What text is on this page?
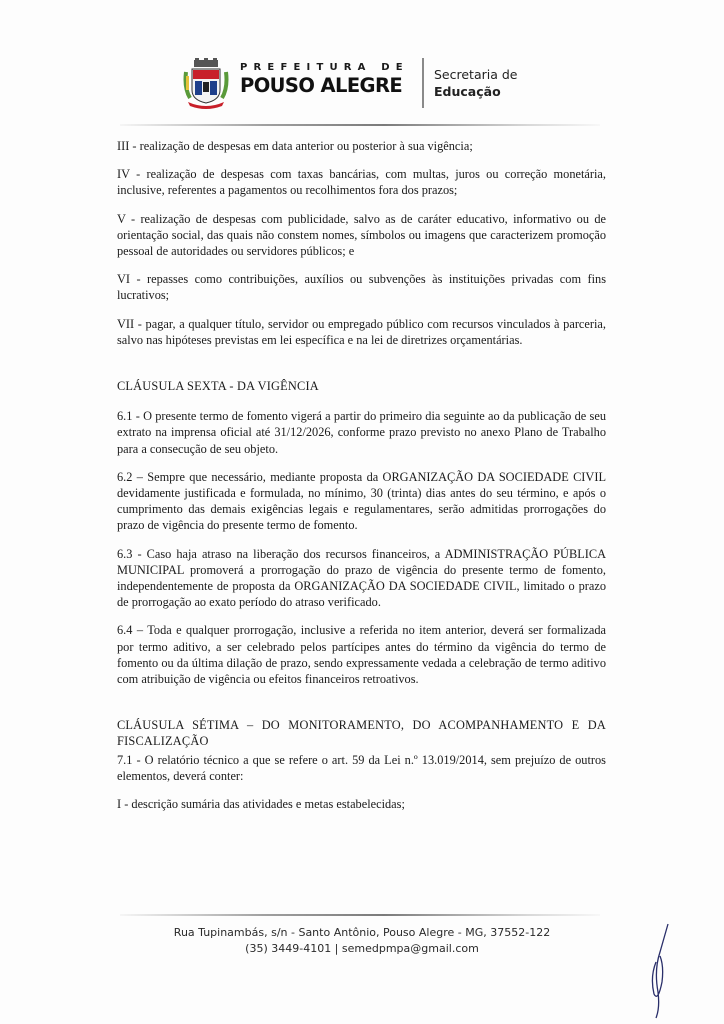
PREFEITURA DE
POUSO ALEGRE	Secretaria de
Educação

III - realização de despesas em data anterior ou posterior à sua vigência;

IV - realização de despesas com taxas bancárias, com multas, juros ou correção monetária, inclusive, referentes a pagamentos ou recolhimentos fora dos prazos;

V - realização de despesas com publicidade, salvo as de caráter educativo, informativo ou de orientação social, das quais não constem nomes, símbolos ou imagens que caracterizem promoção pessoal de autoridades ou servidores públicos; e

VI - repasses como contribuições, auxílios ou subvenções às instituições privadas com fins lucrativos;

VII - pagar, a qualquer título, servidor ou empregado público com recursos vinculados à parceria, salvo nas hipóteses previstas em lei específica e na lei de diretrizes orçamentárias.

CLÁUSULA SEXTA - DA VIGÊNCIA

6.1 - O presente termo de fomento vigerá a partir do primeiro dia seguinte ao da publicação de seu extrato na imprensa oficial até 31/12/2026, conforme prazo previsto no anexo Plano de Trabalho para a consecução de seu objeto.

6.2 – Sempre que necessário, mediante proposta da ORGANIZAÇÃO DA SOCIEDADE CIVIL devidamente justificada e formulada, no mínimo, 30 (trinta) dias antes do seu término, e após o cumprimento das demais exigências legais e regulamentares, serão admitidas prorrogações do prazo de vigência do presente termo de fomento.

6.3 - Caso haja atraso na liberação dos recursos financeiros, a ADMINISTRAÇÃO PÚBLICA MUNICIPAL promoverá a prorrogação do prazo de vigência do presente termo de fomento, independentemente de proposta da ORGANIZAÇÃO DA SOCIEDADE CIVIL, limitado o prazo de prorrogação ao exato período do atraso verificado.

6.4 – Toda e qualquer prorrogação, inclusive a referida no item anterior, deverá ser formalizada por termo aditivo, a ser celebrado pelos partícipes antes do término da vigência do termo de fomento ou da última dilação de prazo, sendo expressamente vedada a celebração de termo aditivo com atribuição de vigência ou efeitos financeiros retroativos.

CLÁUSULA SÉTIMA – DO MONITORAMENTO, DO ACOMPANHAMENTO E DA FISCALIZAÇÃO

7.1 - O relatório técnico a que se refere o art. 59 da Lei n.º 13.019/2014, sem prejuízo de outros elementos, deverá conter:

I - descrição sumária das atividades e metas estabelecidas;

Rua Tupinambás, s/n - Santo Antônio, Pouso Alegre - MG, 37552-122
(35) 3449-4101 | semedpmpa@gmail.com
